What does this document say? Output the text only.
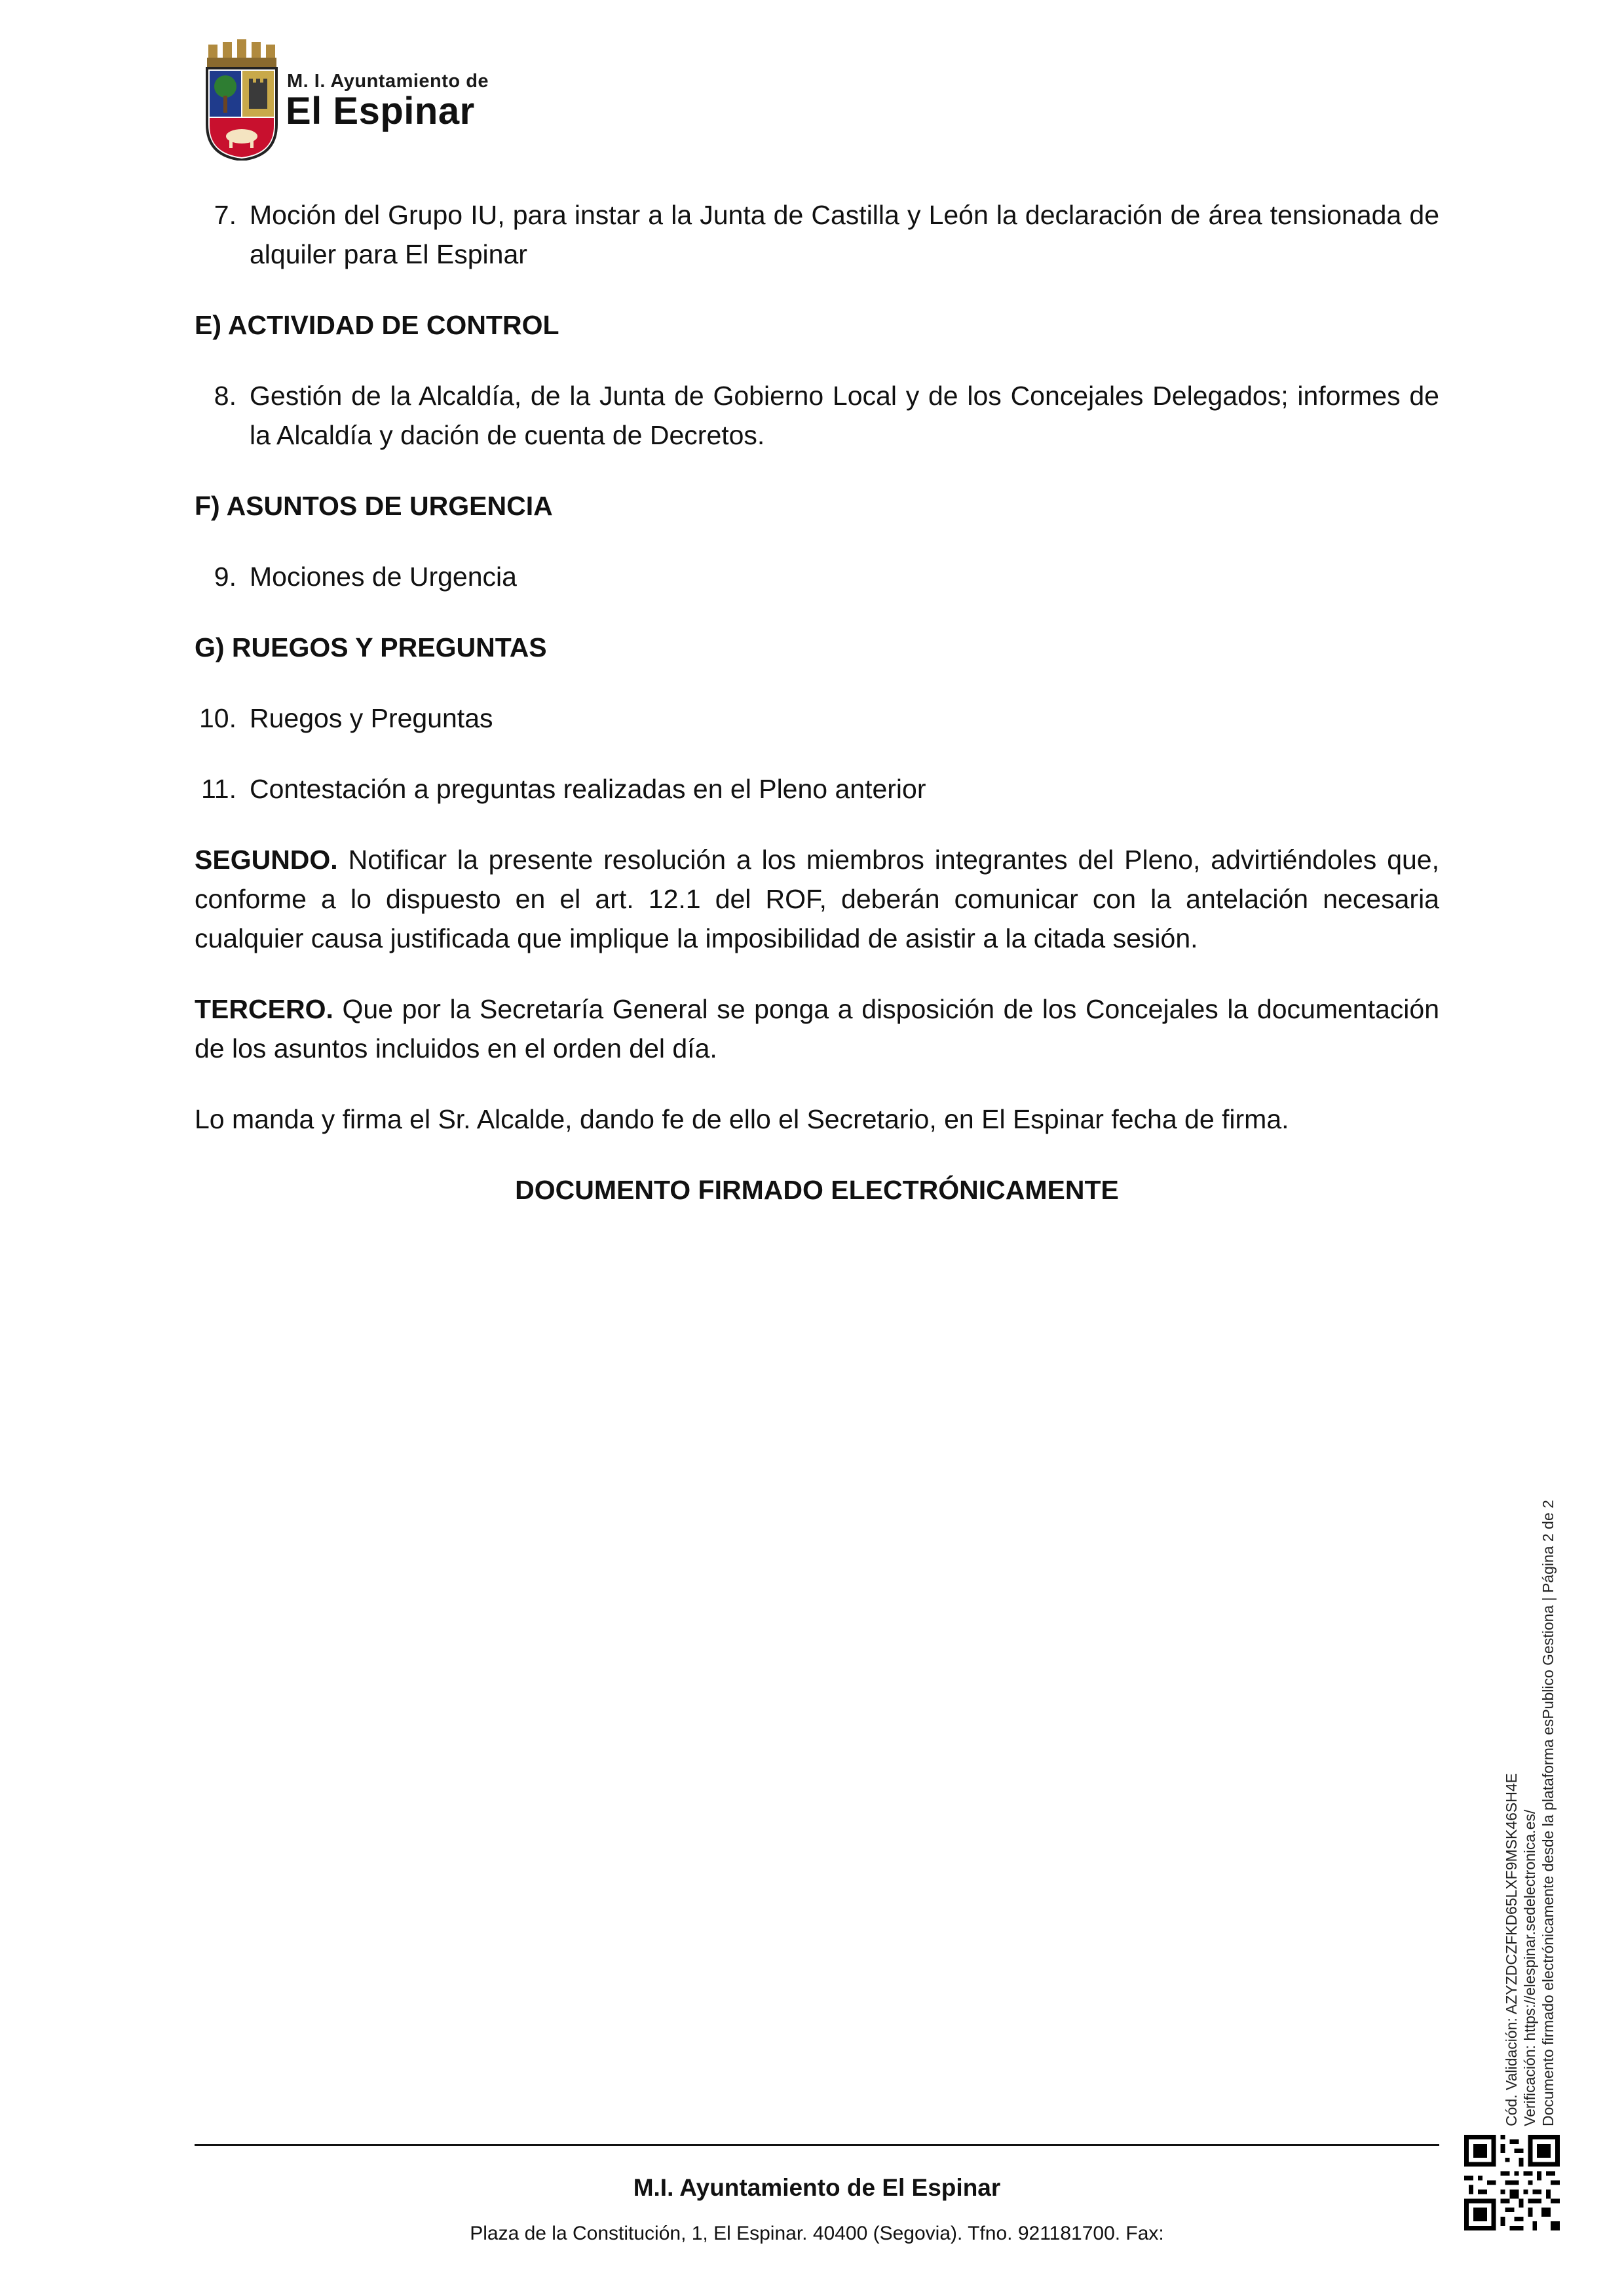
M. I. Ayuntamiento de
El Espinar
7. Moción del Grupo IU, para instar a la Junta de Castilla y León la declaración de área tensionada de alquiler para El Espinar
E) ACTIVIDAD DE CONTROL
8. Gestión de la Alcaldía, de la Junta de Gobierno Local y de los Concejales Delegados; informes de la Alcaldía y dación de cuenta de Decretos.
F) ASUNTOS DE URGENCIA
9. Mociones de Urgencia
G) RUEGOS Y PREGUNTAS
10. Ruegos y Preguntas
11. Contestación a preguntas realizadas en el Pleno anterior
SEGUNDO. Notificar la presente resolución a los miembros integrantes del Pleno, advirtiéndoles que, conforme a lo dispuesto en el art. 12.1 del ROF, deberán comunicar con la antelación necesaria cualquier causa justificada que implique la imposibilidad de asistir a la citada sesión.
TERCERO. Que por la Secretaría General se ponga a disposición de los Concejales la documentación de los asuntos incluidos en el orden del día.
Lo manda y firma el Sr. Alcalde, dando fe de ello el Secretario, en El Espinar fecha de firma.
DOCUMENTO FIRMADO ELECTRÓNICAMENTE
Cód. Validación: AZYZDCZFKD65LXF9MSK46SH4E Verificación: https://elespinar.sedelectronica.es/ Documento firmado electrónicamente desde la plataforma esPublico Gestiona | Página 2 de 2
M.I. Ayuntamiento de El Espinar
Plaza de la Constitución, 1, El Espinar. 40400 (Segovia). Tfno. 921181700. Fax:
